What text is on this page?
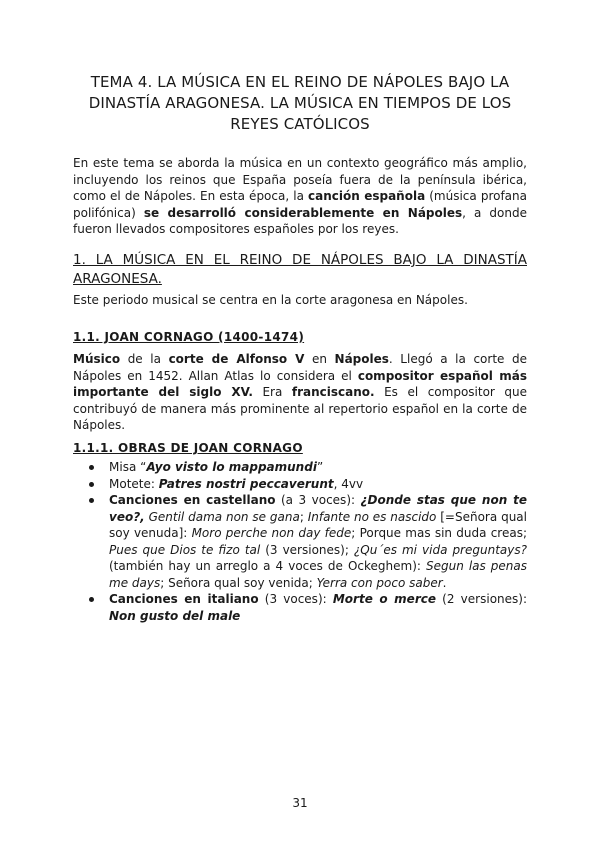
TEMA 4. LA MÚSICA EN EL REINO DE NÁPOLES BAJO LA
DINASTÍA ARAGONESA. LA MÚSICA EN TIEMPOS DE LOS
REYES CATÓLICOS
En este tema se aborda la música en un contexto geográfico más amplio, incluyendo los reinos que España poseía fuera de la península ibérica, como el de Nápoles. En esta época, la canción española (música profana polifónica) se desarrolló considerablemente en Nápoles, a donde fueron llevados compositores españoles por los reyes.
1. LA MÚSICA EN EL REINO DE NÁPOLES BAJO LA DINASTÍA ARAGONESA.
Este periodo musical se centra en la corte aragonesa en Nápoles.
1.1. JOAN CORNAGO (1400-1474)
Músico de la corte de Alfonso V en Nápoles. Llegó a la corte de Nápoles en 1452. Allan Atlas lo considera el compositor español más importante del siglo XV. Era franciscano. Es el compositor que contribuyó de manera más prominente al repertorio español en la corte de Nápoles.
1.1.1. OBRAS DE JOAN CORNAGO
Misa “Ayo visto lo mappamundi”
Motete: Patres nostri peccaverunt, 4vv
Canciones en castellano (a 3 voces): ¿Donde stas que non te veo?, Gentil dama non se gana; Infante no es nascido [=Señora qual soy venuda]: Moro perche non day fede; Porque mas sin duda creas; Pues que Dios te fizo tal (3 versiones); ¿Qu´es mi vida preguntays? (también hay un arreglo a 4 voces de Ockeghem): Segun las penas me days; Señora qual soy venida; Yerra con poco saber.
Canciones en italiano (3 voces): Morte o merce (2 versiones): Non gusto del male
31
